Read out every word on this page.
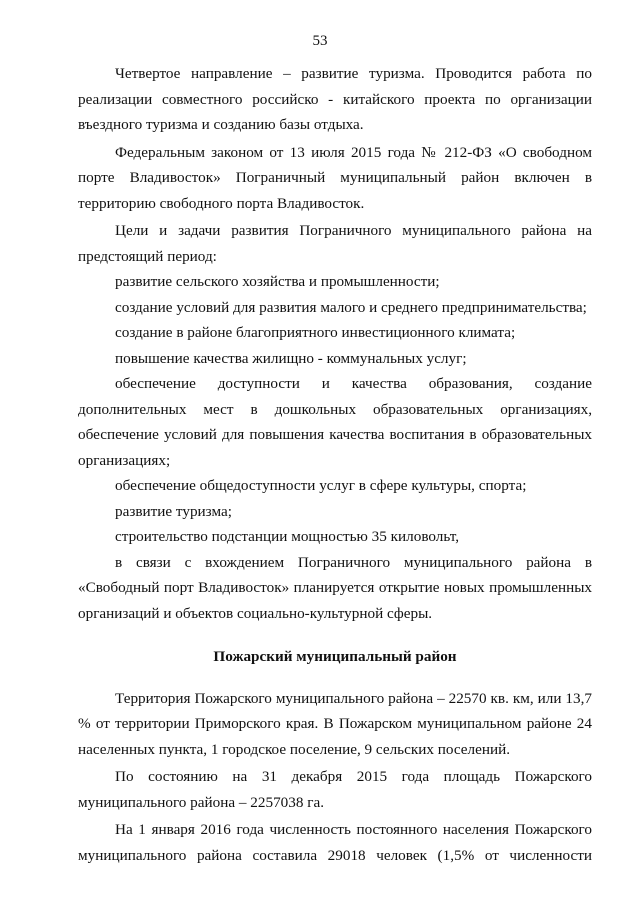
53

Четвертое направление – развитие туризма. Проводится работа по реализации совместного российско - китайского проекта по организации въездного туризма и созданию базы отдыха.

Федеральным законом от 13 июля 2015 года № 212-ФЗ «О свободном порте Владивосток» Пограничный муниципальный район включен в территорию свободного порта Владивосток.

Цели и задачи развития Пограничного муниципального района на предстоящий период:

развитие сельского хозяйства и промышленности;

создание условий для развития малого и среднего предпринимательства;

создание в районе благоприятного инвестиционного климата;

повышение качества жилищно - коммунальных услуг;

обеспечение доступности и качества образования, создание дополнительных мест в дошкольных образовательных организациях, обеспечение условий для повышения качества воспитания в образовательных организациях;

обеспечение общедоступности услуг в сфере культуры, спорта;

развитие туризма;

строительство подстанции мощностью 35 киловольт,

в связи с вхождением Пограничного муниципального района в «Свободный порт Владивосток» планируется открытие новых промышленных организаций и объектов социально-культурной сферы.

Пожарский муниципальный район

Территория Пожарского муниципального района – 22570 кв. км, или 13,7 % от территории Приморского края. В Пожарском муниципальном районе 24 населенных пункта, 1 городское поселение, 9 сельских поселений.

По состоянию на 31 декабря 2015 года площадь Пожарского муниципального района – 2257038 га.

На 1 января 2016 года численность постоянного населения Пожарского муниципального района составила 29018 человек (1,5% от численности
